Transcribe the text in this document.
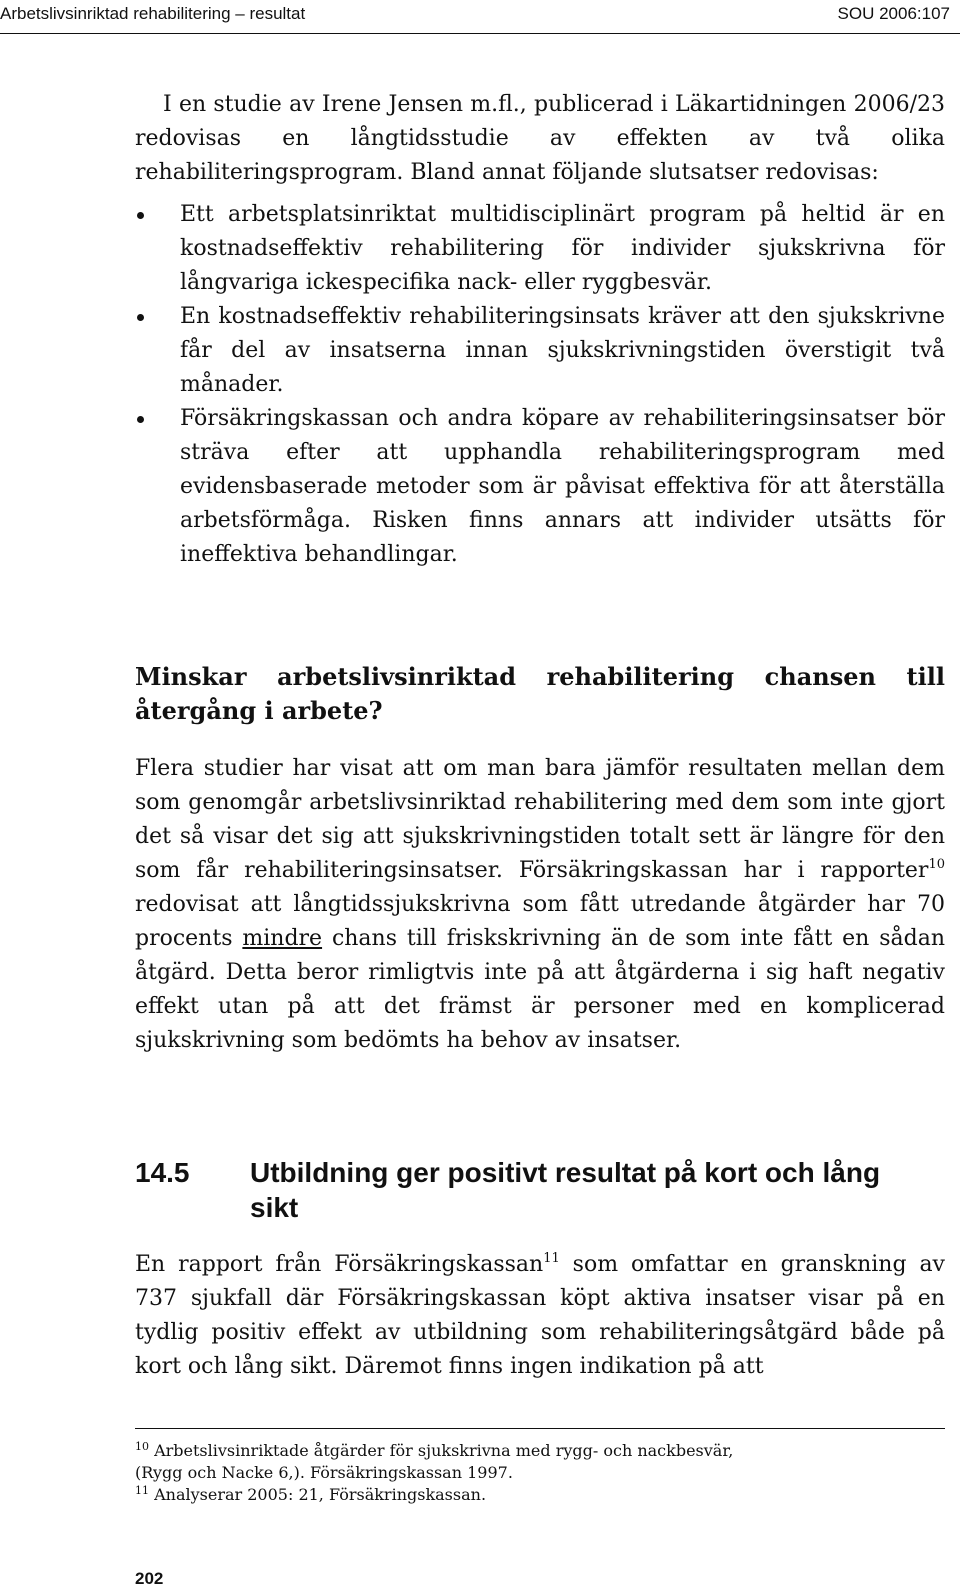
Arbetslivsinriktad rehabilitering – resultat	SOU 2006:107

I en studie av Irene Jensen m.fl., publicerad i Läkartidningen 2006/23 redovisas en långtidsstudie av effekten av två olika rehabiliteringsprogram. Bland annat följande slutsatser redovisas:

Ett arbetsplatsinriktat multidisciplinärt program på heltid är en kostnadseffektiv rehabilitering för individer sjukskrivna för långvariga ickespecifika nack- eller ryggbesvär.
En kostnadseffektiv rehabiliteringsinsats kräver att den sjukskrivne får del av insatserna innan sjukskrivningstiden överstigit två månader.
Försäkringskassan och andra köpare av rehabiliteringsinsatser bör sträva efter att upphandla rehabiliteringsprogram med evidensbaserade metoder som är påvisat effektiva för att återställa arbetsförmåga. Risken finns annars att individer utsätts för ineffektiva behandlingar.
Minskar arbetslivsinriktad rehabilitering chansen till återgång i arbete?

Flera studier har visat att om man bara jämför resultaten mellan dem som genomgår arbetslivsinriktad rehabilitering med dem som inte gjort det så visar det sig att sjukskrivningstiden totalt sett är längre för den som får rehabiliteringsinsatser. Försäkringskassan har i rapporter$^{10}$ redovisat att långtidssjukskrivna som fått utredande åtgärder har 70 procents mindre chans till friskskrivning än de som inte fått en sådan åtgärd. Detta beror rimligtvis inte på att åtgärderna i sig haft negativ effekt utan på att det främst är personer med en komplicerad sjukskrivning som bedömts ha behov av insatser.

14.5 Utbildning ger positivt resultat på kort och lång sikt

En rapport från Försäkringskassan$^{11}$ som omfattar en granskning av 737 sjukfall där Försäkringskassan köpt aktiva insatser visar på en tydlig positiv effekt av utbildning som rehabiliteringsåtgärd både på kort och lång sikt. Däremot finns ingen indikation på att

$^{10}$ Arbetslivsinriktade åtgärder för sjukskrivna med rygg- och nackbesvär,
(Rygg och Nacke 6,). Försäkringskassan 1997.
$^{11}$ Analyserar 2005: 21, Försäkringskassan.
202
